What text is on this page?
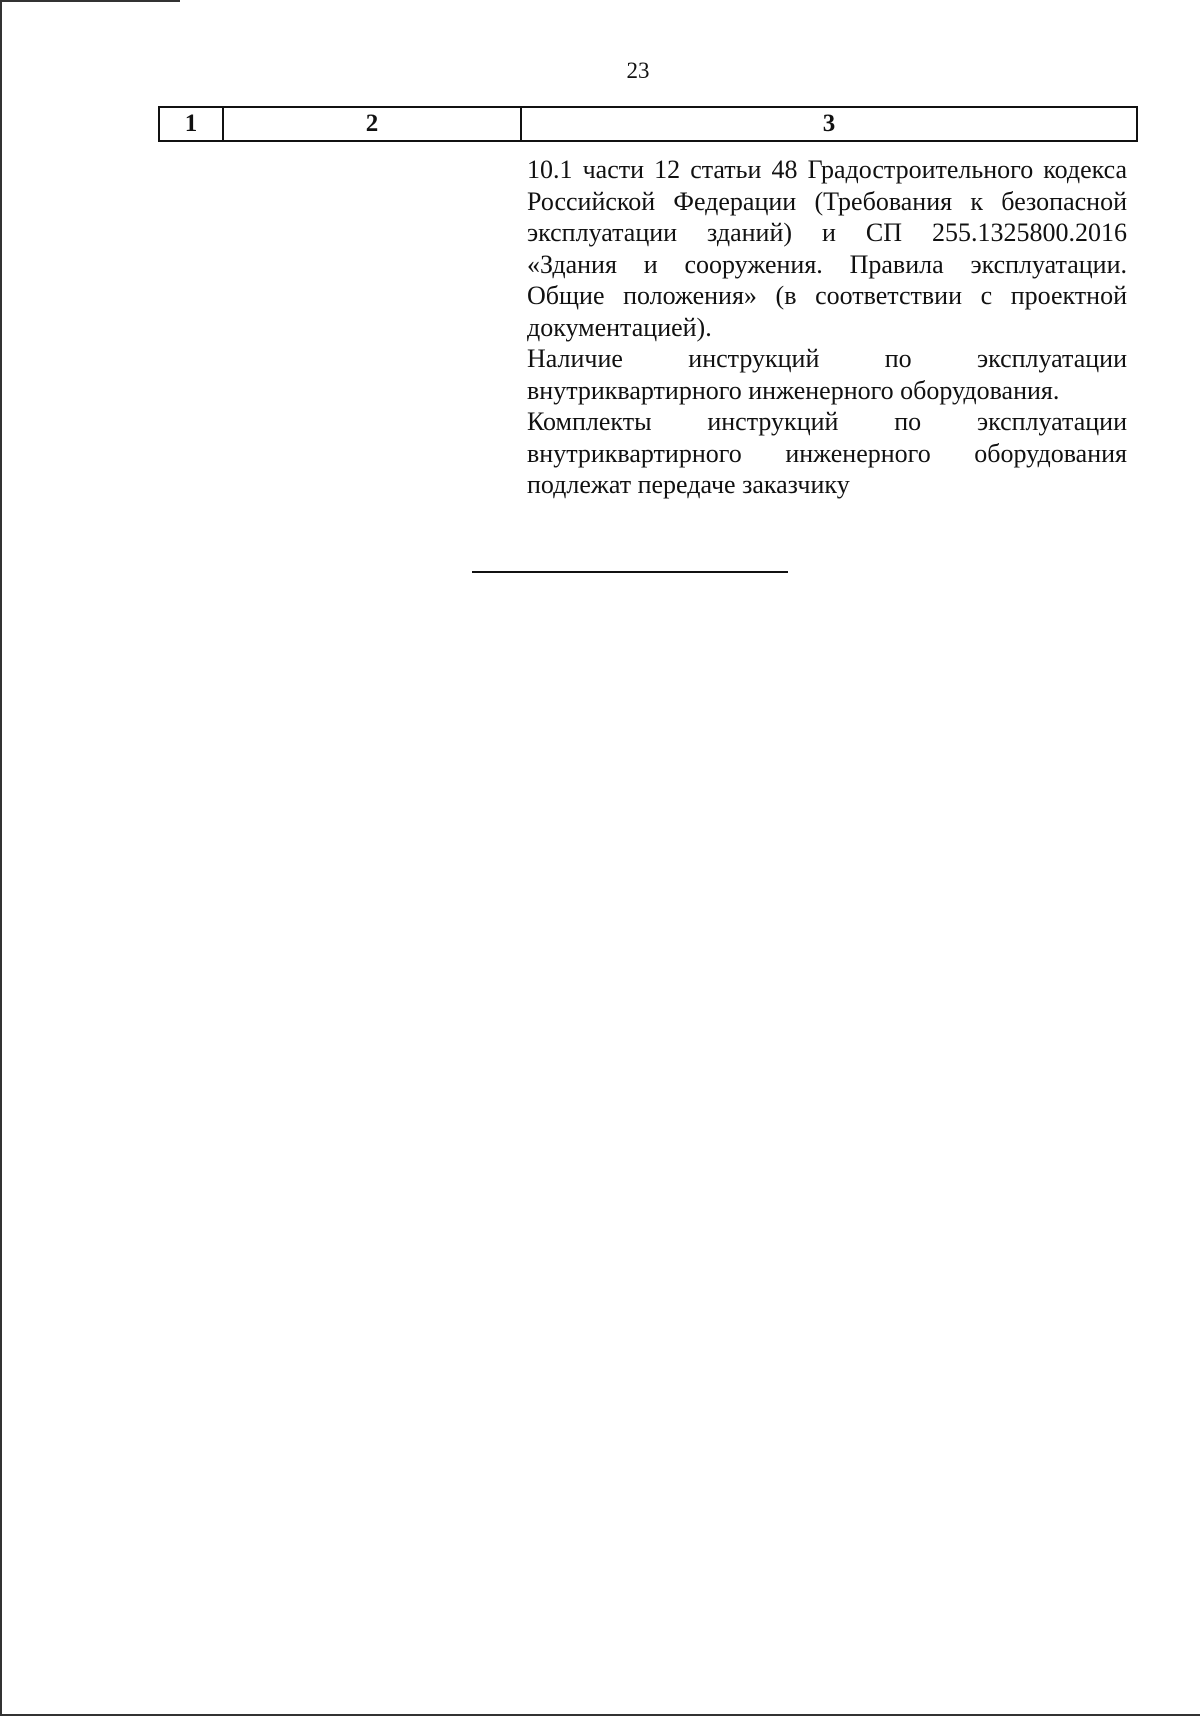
23
1	2	3

10.1 части 12 статьи 48 Градостроительного кодекса Российской Федерации (Требования к безопасной эксплуатации зданий) и СП 255.1325800.2016 «Здания и сооружения. Правила эксплуатации. Общие положения» (в соответствии с проектной документацией).

Наличие инструкций по эксплуатации внутриквартирного инженерного оборудования.

Комплекты инструкций по эксплуатации внутриквартирного инженерного оборудования подлежат передаче заказчику
